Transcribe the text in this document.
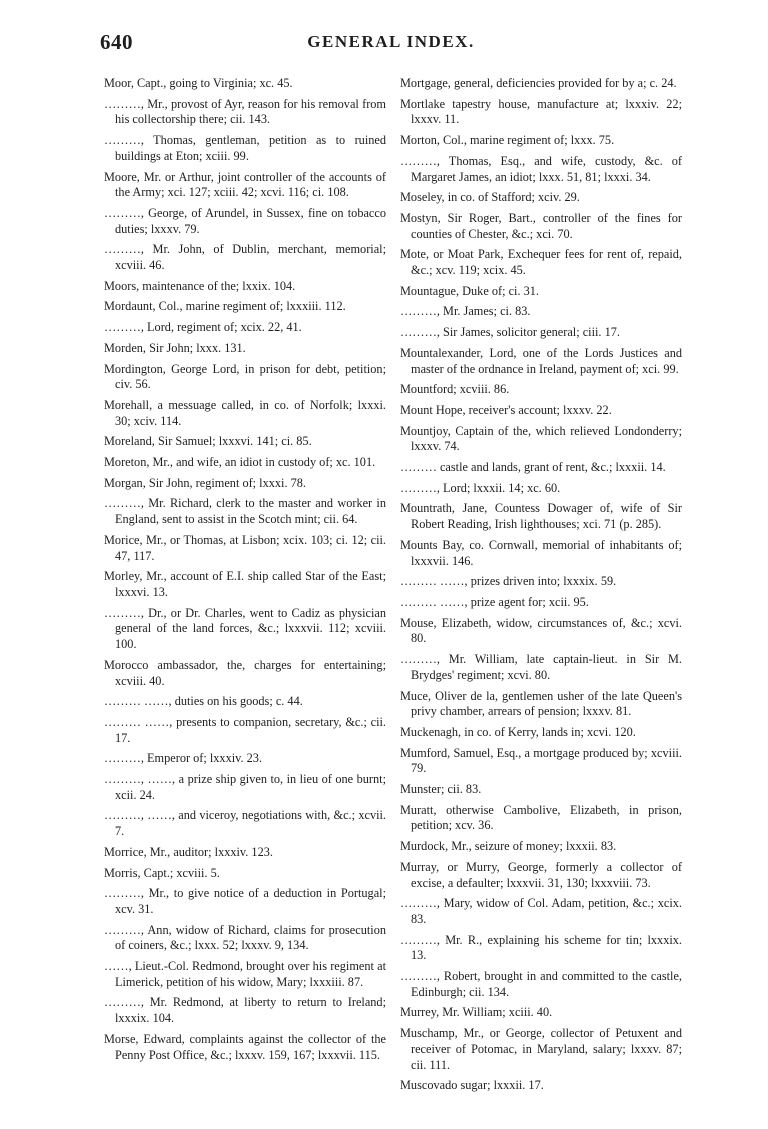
640	GENERAL INDEX.

Moor, Capt., going to Virginia; xc. 45.

………, Mr., provost of Ayr, reason for his removal from his collectorship there; cii. 143.

………, Thomas, gentleman, petition as to ruined buildings at Eton; xciii. 99.

Moore, Mr. or Arthur, joint controller of the accounts of the Army; xci. 127; xciii. 42; xcvi. 116; ci. 108.

………, George, of Arundel, in Sussex, fine on tobacco duties; lxxxv. 79.

………, Mr. John, of Dublin, merchant, memorial; xcviii. 46.

Moors, maintenance of the; lxxix. 104.

Mordaunt, Col., marine regiment of; lxxxiii. 112.

………, Lord, regiment of; xcix. 22, 41.

Morden, Sir John; lxxx. 131.

Mordington, George Lord, in prison for debt, petition; civ. 56.

Morehall, a messuage called, in co. of Norfolk; lxxxi. 30; xciv. 114.

Moreland, Sir Samuel; lxxxvi. 141; ci. 85.

Moreton, Mr., and wife, an idiot in custody of; xc. 101.

Morgan, Sir John, regiment of; lxxxi. 78.

………, Mr. Richard, clerk to the master and worker in England, sent to assist in the Scotch mint; cii. 64.

Morice, Mr., or Thomas, at Lisbon; xcix. 103; ci. 12; cii. 47, 117.

Morley, Mr., account of E.I. ship called Star of the East; lxxxvi. 13.

………, Dr., or Dr. Charles, went to Cadiz as physician general of the land forces, &c.; lxxxvii. 112; xcviii. 100.

Morocco ambassador, the, charges for entertaining; xcviii. 40.

……… ……, duties on his goods; c. 44.

……… ……, presents to companion, secretary, &c.; cii. 17.

………, Emperor of; lxxxiv. 23.

………, ……, a prize ship given to, in lieu of one burnt; xcii. 24.

………, ……, and viceroy, negotiations with, &c.; xcvii. 7.

Morrice, Mr., auditor; lxxxiv. 123.

Morris, Capt.; xcviii. 5.

………, Mr., to give notice of a deduction in Portugal; xcv. 31.

………, Ann, widow of Richard, claims for prosecution of coiners, &c.; lxxx. 52; lxxxv. 9, 134.

……, Lieut.-Col. Redmond, brought over his regiment at Limerick, petition of his widow, Mary; lxxxiii. 87.

………, Mr. Redmond, at liberty to return to Ireland; lxxxix. 104.

Morse, Edward, complaints against the collector of the Penny Post Office, &c.; lxxxv. 159, 167; lxxxvii. 115.

Mortgage, general, deficiencies provided for by a; c. 24.

Mortlake tapestry house, manufacture at; lxxxiv. 22; lxxxv. 11.

Morton, Col., marine regiment of; lxxx. 75.

………, Thomas, Esq., and wife, custody, &c. of Margaret James, an idiot; lxxx. 51, 81; lxxxi. 34.

Moseley, in co. of Stafford; xciv. 29.

Mostyn, Sir Roger, Bart., controller of the fines for counties of Chester, &c.; xci. 70.

Mote, or Moat Park, Exchequer fees for rent of, repaid, &c.; xcv. 119; xcix. 45.

Mountague, Duke of; ci. 31.

………, Mr. James; ci. 83.

………, Sir James, solicitor general; ciii. 17.

Mountalexander, Lord, one of the Lords Justices and master of the ordnance in Ireland, payment of; xci. 99.

Mountford; xcviii. 86.

Mount Hope, receiver's account; lxxxv. 22.

Mountjoy, Captain of the, which relieved Londonderry; lxxxv. 74.

……… castle and lands, grant of rent, &c.; lxxxii. 14.

………, Lord; lxxxii. 14; xc. 60.

Mountrath, Jane, Countess Dowager of, wife of Sir Robert Reading, Irish lighthouses; xci. 71 (p. 285).

Mounts Bay, co. Cornwall, memorial of inhabitants of; lxxxvii. 146.

……… ……, prizes driven into; lxxxix. 59.

……… ……, prize agent for; xcii. 95.

Mouse, Elizabeth, widow, circumstances of, &c.; xcvi. 80.

………, Mr. William, late captain-lieut. in Sir M. Brydges' regiment; xcvi. 80.

Muce, Oliver de la, gentlemen usher of the late Queen's privy chamber, arrears of pension; lxxxv. 81.

Muckenagh, in co. of Kerry, lands in; xcvi. 120.

Mumford, Samuel, Esq., a mortgage produced by; xcviii. 79.

Munster; cii. 83.

Muratt, otherwise Cambolive, Elizabeth, in prison, petition; xcv. 36.

Murdock, Mr., seizure of money; lxxxii. 83.

Murray, or Murry, George, formerly a collector of excise, a defaulter; lxxxvii. 31, 130; lxxxviii. 73.

………, Mary, widow of Col. Adam, petition, &c.; xcix. 83.

………, Mr. R., explaining his scheme for tin; lxxxix. 13.

………, Robert, brought in and committed to the castle, Edinburgh; cii. 134.

Murrey, Mr. William; xciii. 40.

Muschamp, Mr., or George, collector of Petuxent and receiver of Potomac, in Maryland, salary; lxxxv. 87; cii. 111.

Muscovado sugar; lxxxii. 17.
